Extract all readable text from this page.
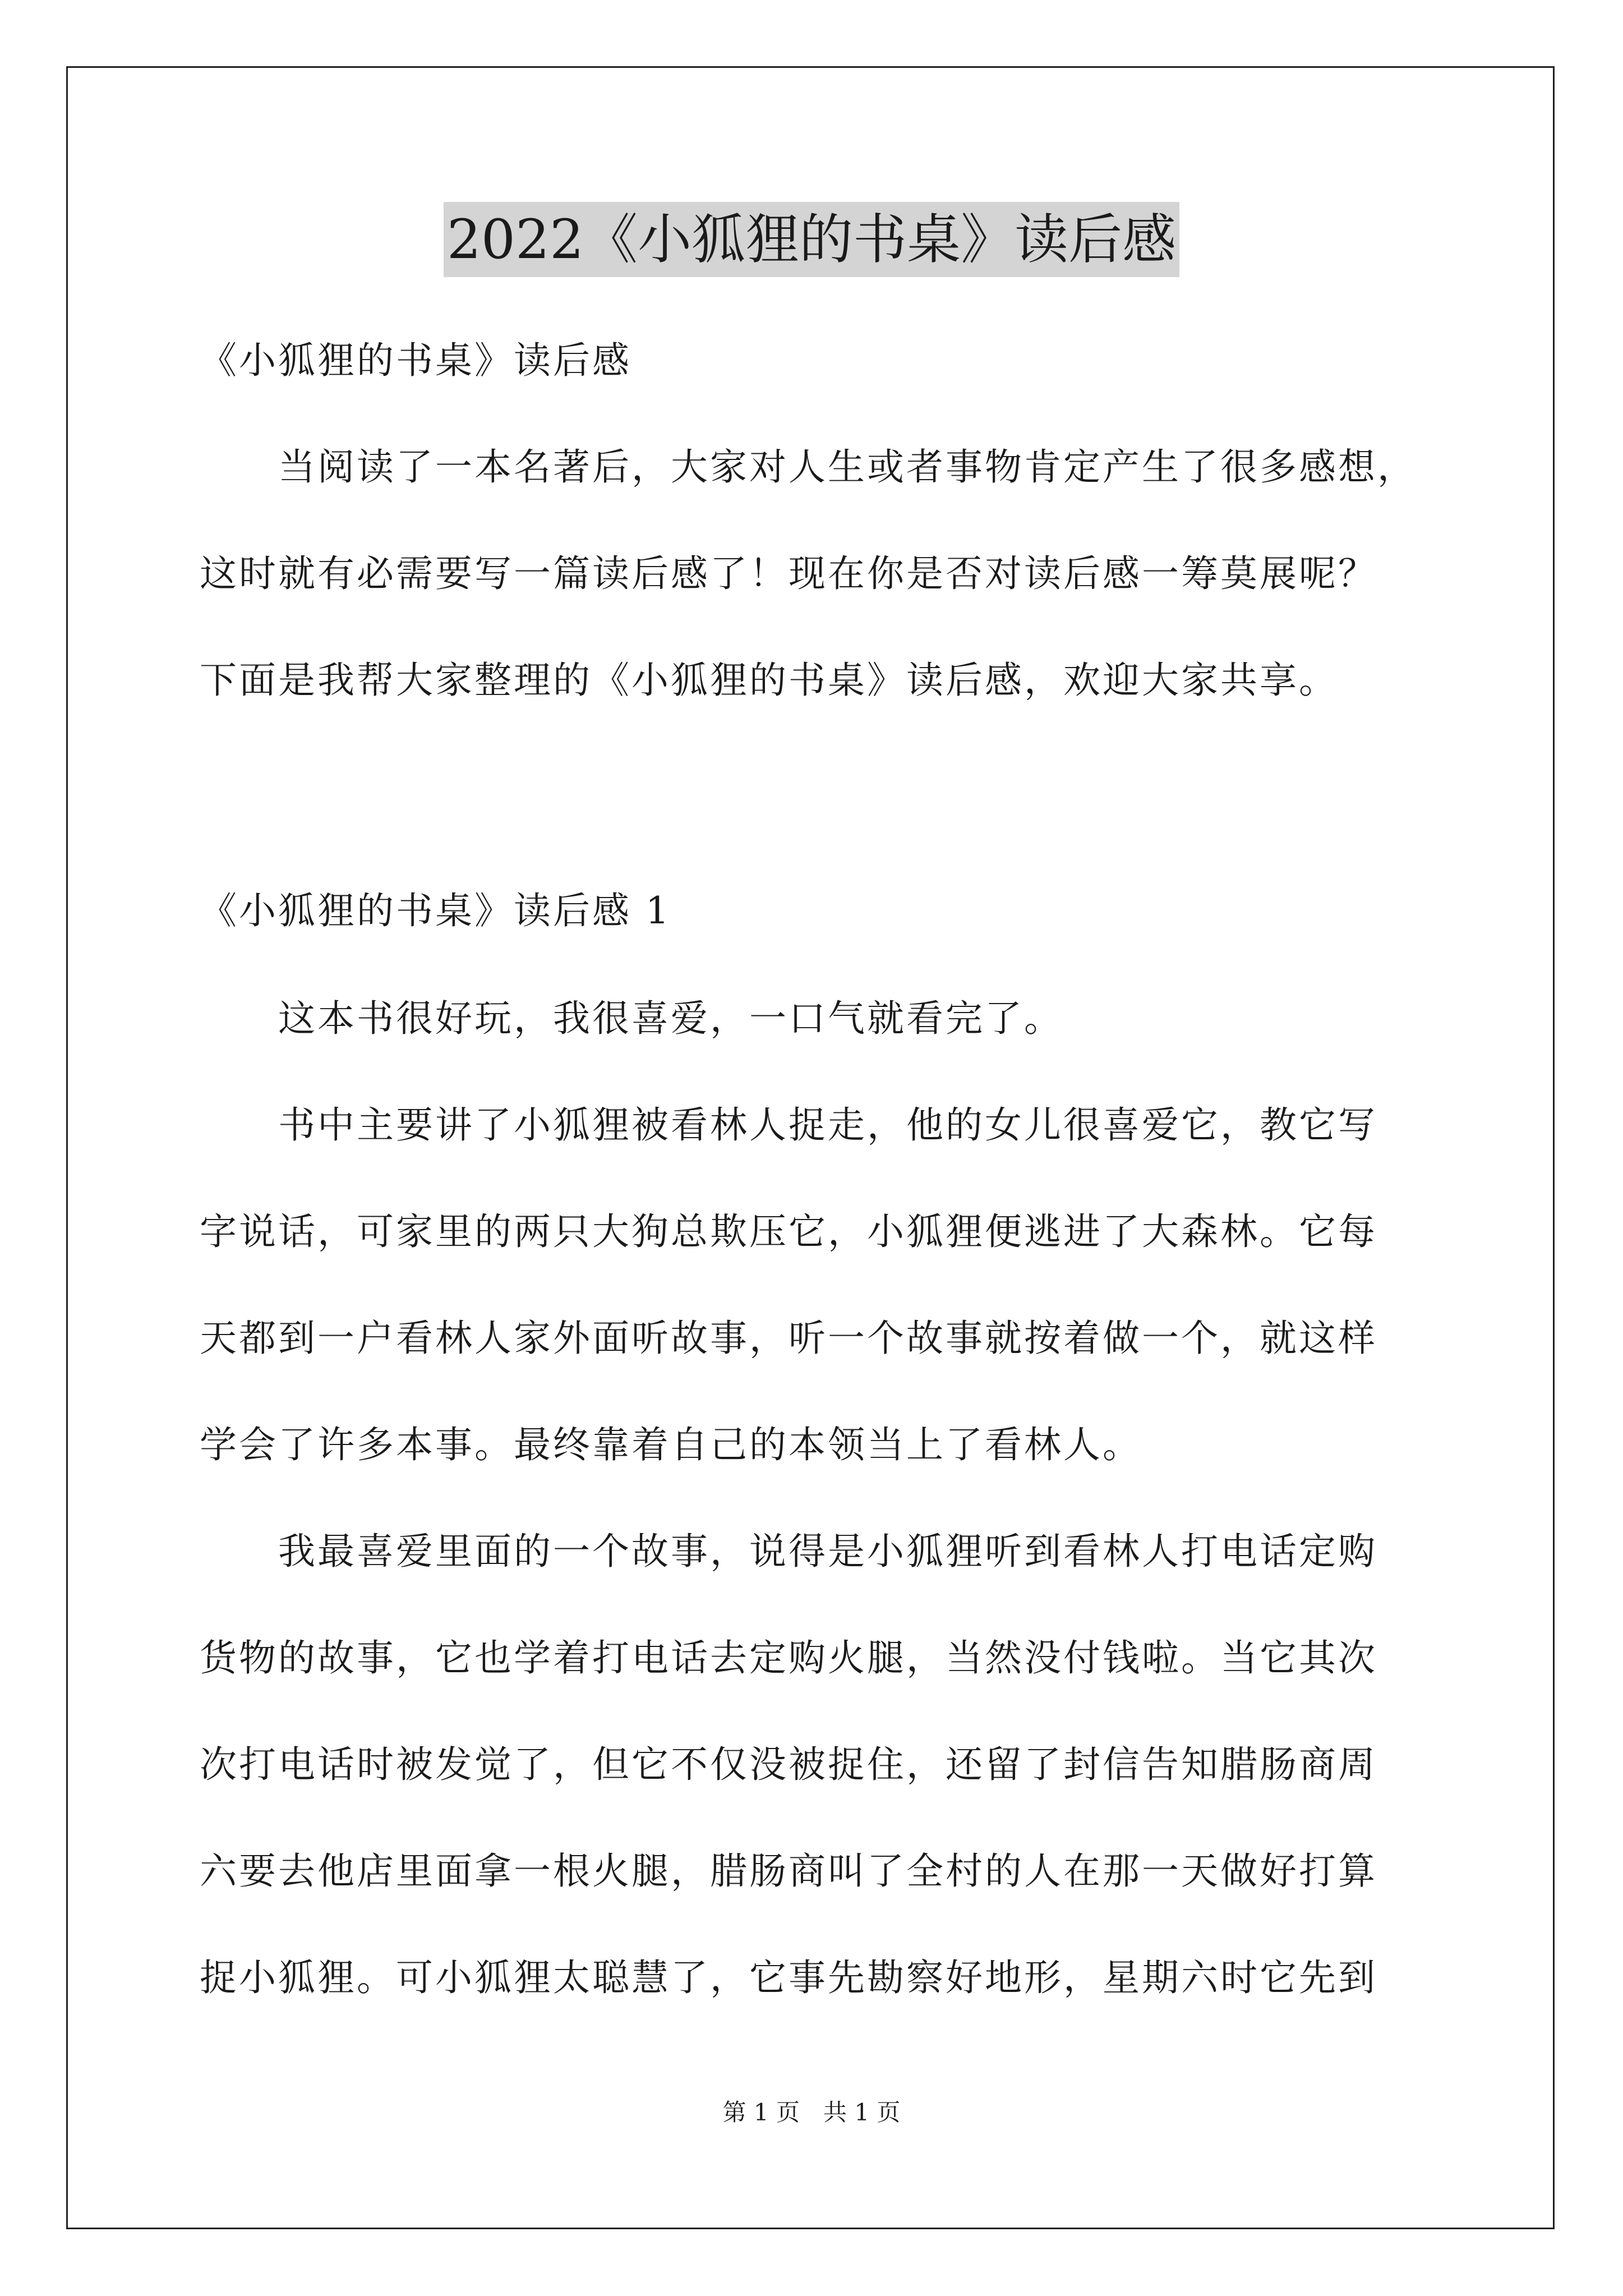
2022《小狐狸的书桌》读后感
《小狐狸的书桌》读后感
　　当阅读了一本名著后，大家对人生或者事物肯定产生了很多感想，
这时就有必需要写一篇读后感了！现在你是否对读后感一筹莫展呢？
下面是我帮大家整理的《小狐狸的书桌》读后感，欢迎大家共享。
《小狐狸的书桌》读后感 1
　　这本书很好玩，我很喜爱，一口气就看完了。
　　书中主要讲了小狐狸被看林人捉走，他的女儿很喜爱它，教它写
字说话，可家里的两只大狗总欺压它，小狐狸便逃进了大森林。它每
天都到一户看林人家外面听故事，听一个故事就按着做一个，就这样
学会了许多本事。最终靠着自己的本领当上了看林人。
　　我最喜爱里面的一个故事，说得是小狐狸听到看林人打电话定购
货物的故事，它也学着打电话去定购火腿，当然没付钱啦。当它其次
次打电话时被发觉了，但它不仅没被捉住，还留了封信告知腊肠商周
六要去他店里面拿一根火腿，腊肠商叫了全村的人在那一天做好打算
捉小狐狸。可小狐狸太聪慧了，它事先勘察好地形，星期六时它先到
第 1 页　共 1 页
